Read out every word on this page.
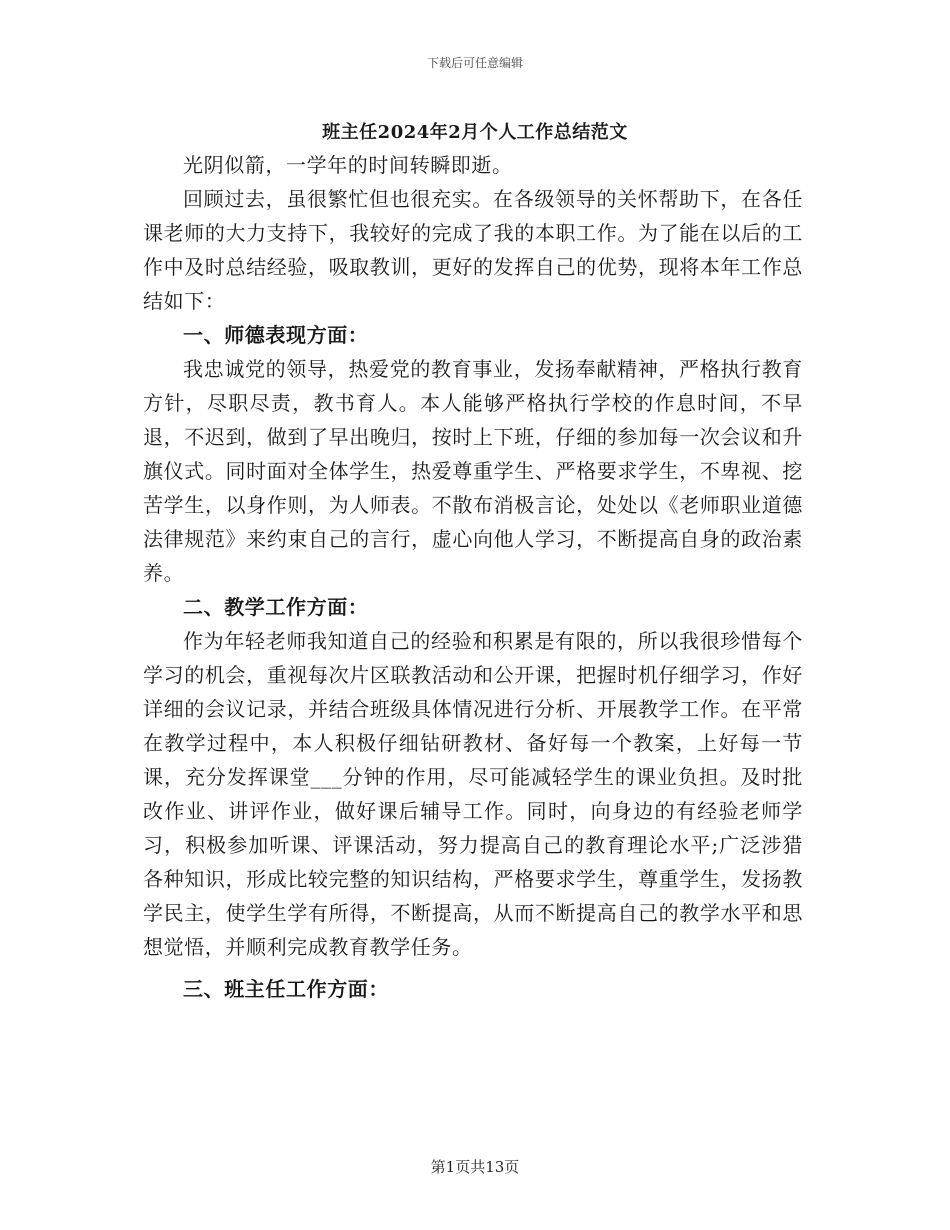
下载后可任意编辑
班主任2024年2月个人工作总结范文

光阴似箭，一学年的时间转瞬即逝。

回顾过去，虽很繁忙但也很充实。在各级领导的关怀帮助下，在各任课老师的大力支持下，我较好的完成了我的本职工作。为了能在以后的工作中及时总结经验，吸取教训，更好的发挥自己的优势，现将本年工作总结如下：

一、师德表现方面：

我忠诚党的领导，热爱党的教育事业，发扬奉献精神，严格执行教育方针，尽职尽责，教书育人。本人能够严格执行学校的作息时间，不早退，不迟到，做到了早出晚归，按时上下班，仔细的参加每一次会议和升旗仪式。同时面对全体学生，热爱尊重学生、严格要求学生，不卑视、挖苦学生，以身作则，为人师表。不散布消极言论，处处以《老师职业道德法律规范》来约束自己的言行，虚心向他人学习，不断提高自身的政治素养。

二、教学工作方面：

作为年轻老师我知道自己的经验和积累是有限的，所以我很珍惜每个学习的机会，重视每次片区联教活动和公开课，把握时机仔细学习，作好详细的会议记录，并结合班级具体情况进行分析、开展教学工作。在平常在教学过程中，本人积极仔细钻研教材、备好每一个教案，上好每一节课，充分发挥课堂___分钟的作用，尽可能减轻学生的课业负担。及时批改作业、讲评作业，做好课后辅导工作。同时，向身边的有经验老师学习，积极参加听课、评课活动，努力提高自己的教育理论水平;广泛涉猎各种知识，形成比较完整的知识结构，严格要求学生，尊重学生，发扬教学民主，使学生学有所得，不断提高，从而不断提高自己的教学水平和思想觉悟，并顺利完成教育教学任务。

三、班主任工作方面：
第1页共13页
